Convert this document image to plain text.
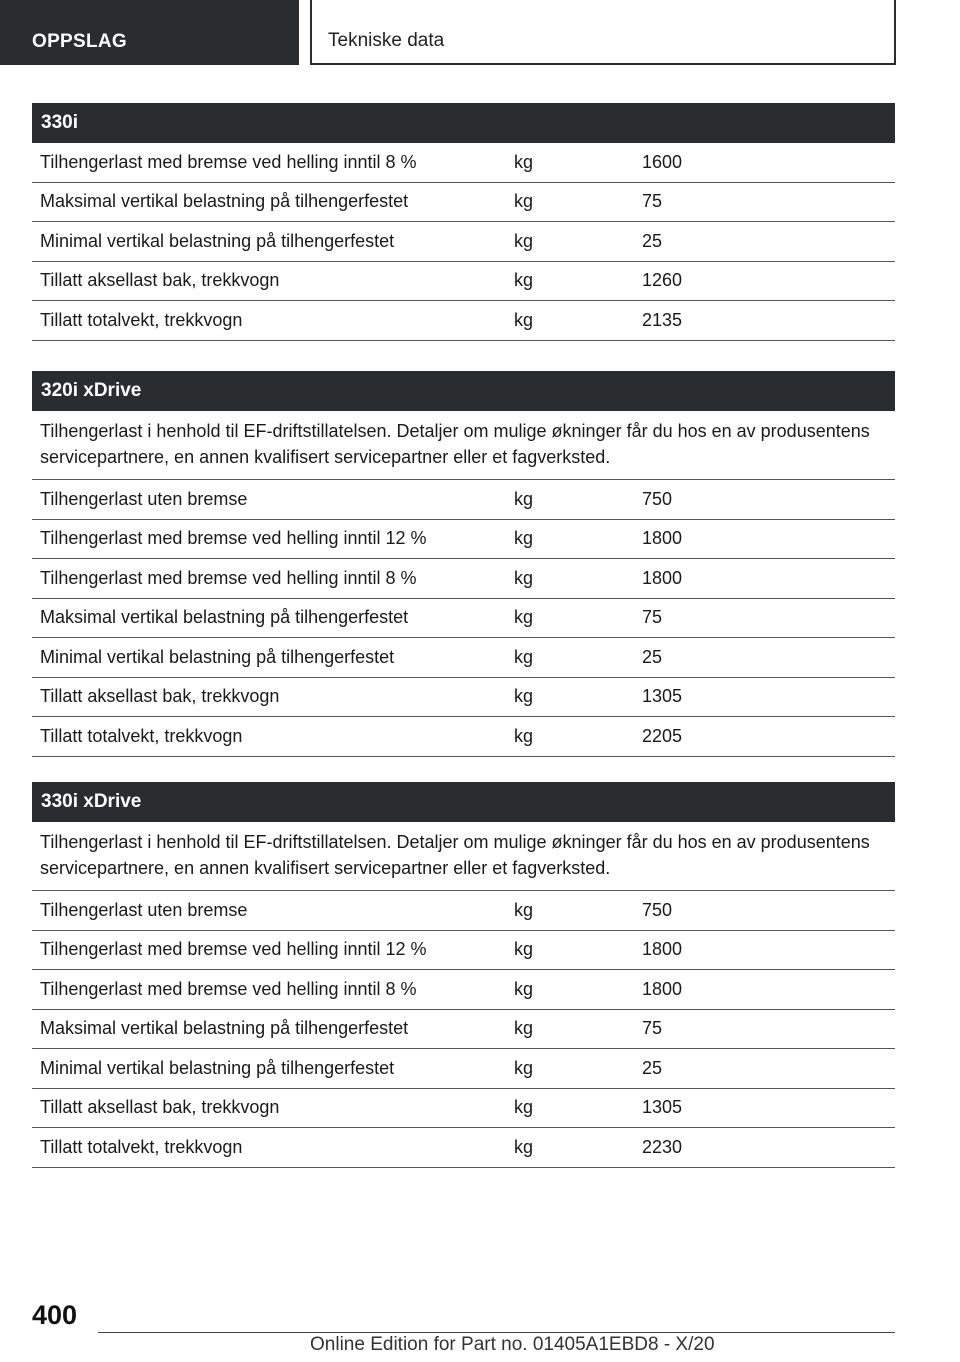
OPPSLAG	Tekniske data
330i
Tilhengerlast med bremse ved helling inntil 8 %	kg	1600
Maksimal vertikal belastning på tilhengerfestet	kg	75
Minimal vertikal belastning på tilhengerfestet	kg	25
Tillatt aksellast bak, trekkvogn	kg	1260
Tillatt totalvekt, trekkvogn	kg	2135
320i xDrive
Tilhengerlast i henhold til EF-driftstillatelsen. Detaljer om mulige økninger får du hos en av produsentens servicepartnere, en annen kvalifisert servicepartner eller et fagverksted.
Tilhengerlast uten bremse	kg	750
Tilhengerlast med bremse ved helling inntil 12 %	kg	1800
Tilhengerlast med bremse ved helling inntil 8 %	kg	1800
Maksimal vertikal belastning på tilhengerfestet	kg	75
Minimal vertikal belastning på tilhengerfestet	kg	25
Tillatt aksellast bak, trekkvogn	kg	1305
Tillatt totalvekt, trekkvogn	kg	2205
330i xDrive
Tilhengerlast i henhold til EF-driftstillatelsen. Detaljer om mulige økninger får du hos en av produsentens servicepartnere, en annen kvalifisert servicepartner eller et fagverksted.
Tilhengerlast uten bremse	kg	750
Tilhengerlast med bremse ved helling inntil 12 %	kg	1800
Tilhengerlast med bremse ved helling inntil 8 %	kg	1800
Maksimal vertikal belastning på tilhengerfestet	kg	75
Minimal vertikal belastning på tilhengerfestet	kg	25
Tillatt aksellast bak, trekkvogn	kg	1305
Tillatt totalvekt, trekkvogn	kg	2230
400
Online Edition for Part no. 01405A1EBD8 - X/20
